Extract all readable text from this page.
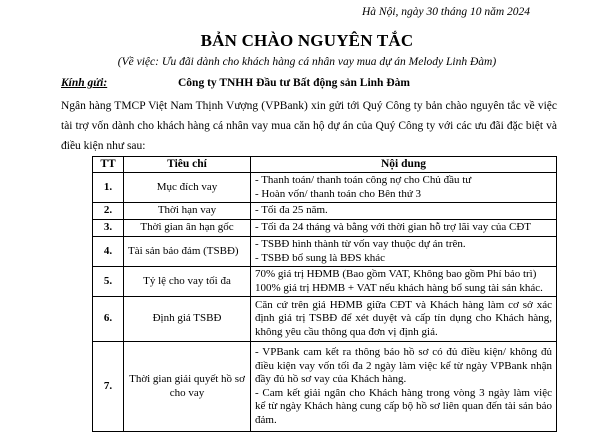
Hà Nội, ngày 30 tháng 10 năm 2024
BẢN CHÀO NGUYÊN TẮC
(Về việc: Ưu đãi dành cho khách hàng cá nhân vay mua dự án Melody Linh Đàm)
Kính gửi:	Công ty TNHH Đầu tư Bất động sản Linh Đàm
Ngân hàng TMCP Việt Nam Thịnh Vượng (VPBank) xin gửi tới Quý Công ty bản chào nguyên tắc về việc tài trợ vốn dành cho khách hàng cá nhân vay mua căn hộ dự án của Quý Công ty với các ưu đãi đặc biệt và điều kiện như sau:
TT	Tiêu chí	Nội dung
1.	Mục đích vay	- Thanh toán/ thanh toán công nợ cho Chủ đầu tư
- Hoàn vốn/ thanh toán cho Bên thứ 3

2.	Thời hạn vay	- Tối đa 25 năm.

3.	Thời gian ân hạn gốc	- Tối đa 24 tháng và bằng với thời gian hỗ trợ lãi vay của CĐT

4.	Tài sản bảo đảm (TSBĐ)	- TSBĐ hình thành từ vốn vay thuộc dự án trên.
- TSBĐ bổ sung là BĐS khác

5.	Tỷ lệ cho vay tối đa	70% giá trị HĐMB (Bao gồm VAT, Không bao gồm Phí bảo trì)
100% giá trị HĐMB + VAT nếu khách hàng bổ sung tài sản khác.

6.	Định giá TSBĐ	Căn cứ trên giá HĐMB giữa CĐT và Khách hàng làm cơ sở xác định giá trị TSBĐ để xét duyệt và cấp tín dụng cho Khách hàng, không yêu cầu thông qua đơn vị định giá.

7.	Thời gian giải quyết hồ sơ cho vay	- VPBank cam kết ra thông báo hồ sơ có đủ điều kiện/ không đủ điều kiện vay vốn tối đa 2 ngày làm việc kể từ ngày VPBank nhận đầy đủ hồ sơ vay của Khách hàng.
- Cam kết giải ngân cho Khách hàng trong vòng 3 ngày làm việc kể từ ngày Khách hàng cung cấp bộ hồ sơ liên quan đến tài sản bảo đảm.
